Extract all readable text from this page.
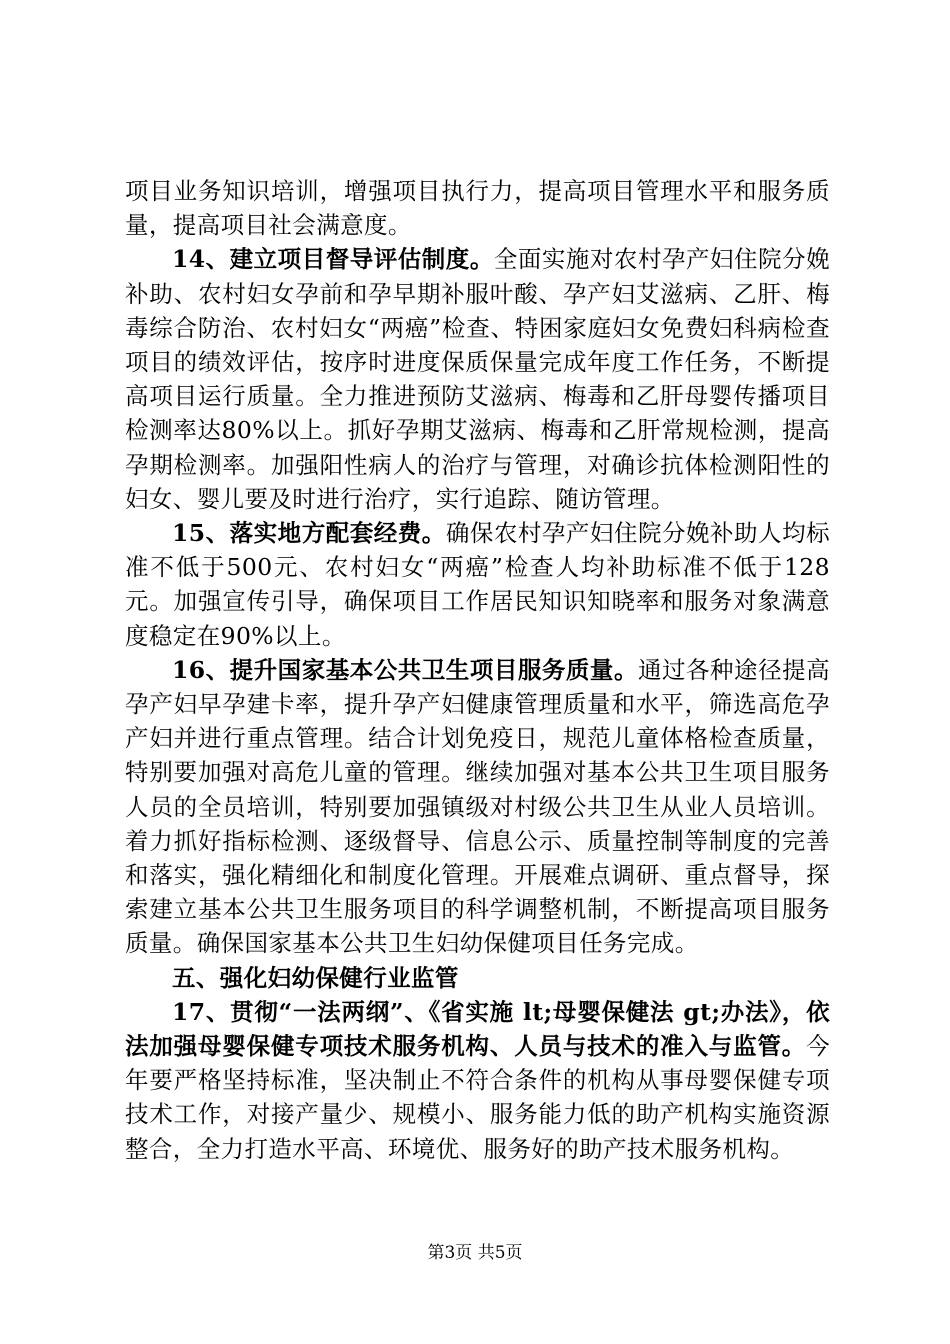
项目业务知识培训，增强项目执行力，提高项目管理水平和服务质量，提高项目社会满意度。

14、建立项目督导评估制度。全面实施对农村孕产妇住院分娩补助、农村妇女孕前和孕早期补服叶酸、孕产妇艾滋病、乙肝、梅毒综合防治、农村妇女“两癌”检查、特困家庭妇女免费妇科病检查项目的绩效评估，按序时进度保质保量完成年度工作任务，不断提高项目运行质量。全力推进预防艾滋病、梅毒和乙肝母婴传播项目检测率达80%以上。抓好孕期艾滋病、梅毒和乙肝常规检测，提高孕期检测率。加强阳性病人的治疗与管理，对确诊抗体检测阳性的妇女、婴儿要及时进行治疗，实行追踪、随访管理。

15、落实地方配套经费。确保农村孕产妇住院分娩补助人均标准不低于500元、农村妇女“两癌”检查人均补助标准不低于128元。加强宣传引导，确保项目工作居民知识知晓率和服务对象满意度稳定在90%以上。

16、提升国家基本公共卫生项目服务质量。通过各种途径提高孕产妇早孕建卡率，提升孕产妇健康管理质量和水平，筛选高危孕产妇并进行重点管理。结合计划免疫日，规范儿童体格检查质量，特别要加强对高危儿童的管理。继续加强对基本公共卫生项目服务人员的全员培训，特别要加强镇级对村级公共卫生从业人员培训。着力抓好指标检测、逐级督导、信息公示、质量控制等制度的完善和落实，强化精细化和制度化管理。开展难点调研、重点督导，探索建立基本公共卫生服务项目的科学调整机制，不断提高项目服务质量。确保国家基本公共卫生妇幼保健项目任务完成。

五、强化妇幼保健行业监管

17、贯彻“一法两纲”、《省实施 lt;母婴保健法 gt;办法》，依法加强母婴保健专项技术服务机构、人员与技术的准入与监管。今年要严格坚持标准，坚决制止不符合条件的机构从事母婴保健专项技术工作，对接产量少、规模小、服务能力低的助产机构实施资源整合，全力打造水平高、环境优、服务好的助产技术服务机构。

第3页 共5页
